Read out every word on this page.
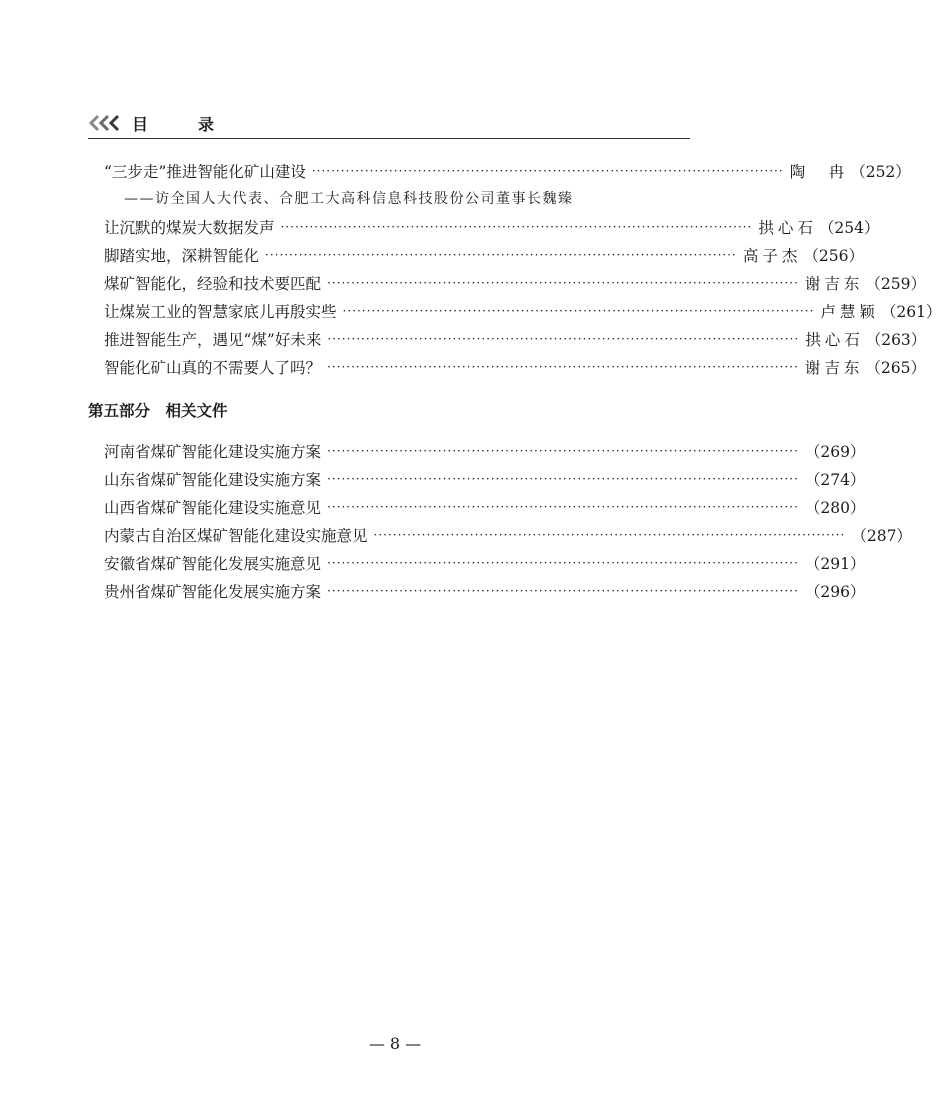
目	录
“三步走”推进智能化矿山建设 ·································································································· 陶　冉 （252）
——访全国人大代表、合肥工大高科信息科技股份公司董事长魏臻
让沉默的煤炭大数据发声 ·································································································· 拱心石 （254）
脚踏实地，深耕智能化 ·································································································· 高子杰 （256）
煤矿智能化，经验和技术要匹配 ·································································································· 谢吉东 （259）
让煤炭工业的智慧家底儿再殷实些 ·································································································· 卢慧颖 （261）
推进智能生产，遇见“煤”好未来 ·································································································· 拱心石 （263）
智能化矿山真的不需要人了吗？ ·································································································· 谢吉东 （265）
第五部分　相关文件
河南省煤矿智能化建设实施方案 ·································································································· （269）
山东省煤矿智能化建设实施方案 ·································································································· （274）
山西省煤矿智能化建设实施意见 ·································································································· （280）
内蒙古自治区煤矿智能化建设实施意见 ·································································································· （287）
安徽省煤矿智能化发展实施意见 ·································································································· （291）
贵州省煤矿智能化发展实施方案 ·································································································· （296）
— 8 —
